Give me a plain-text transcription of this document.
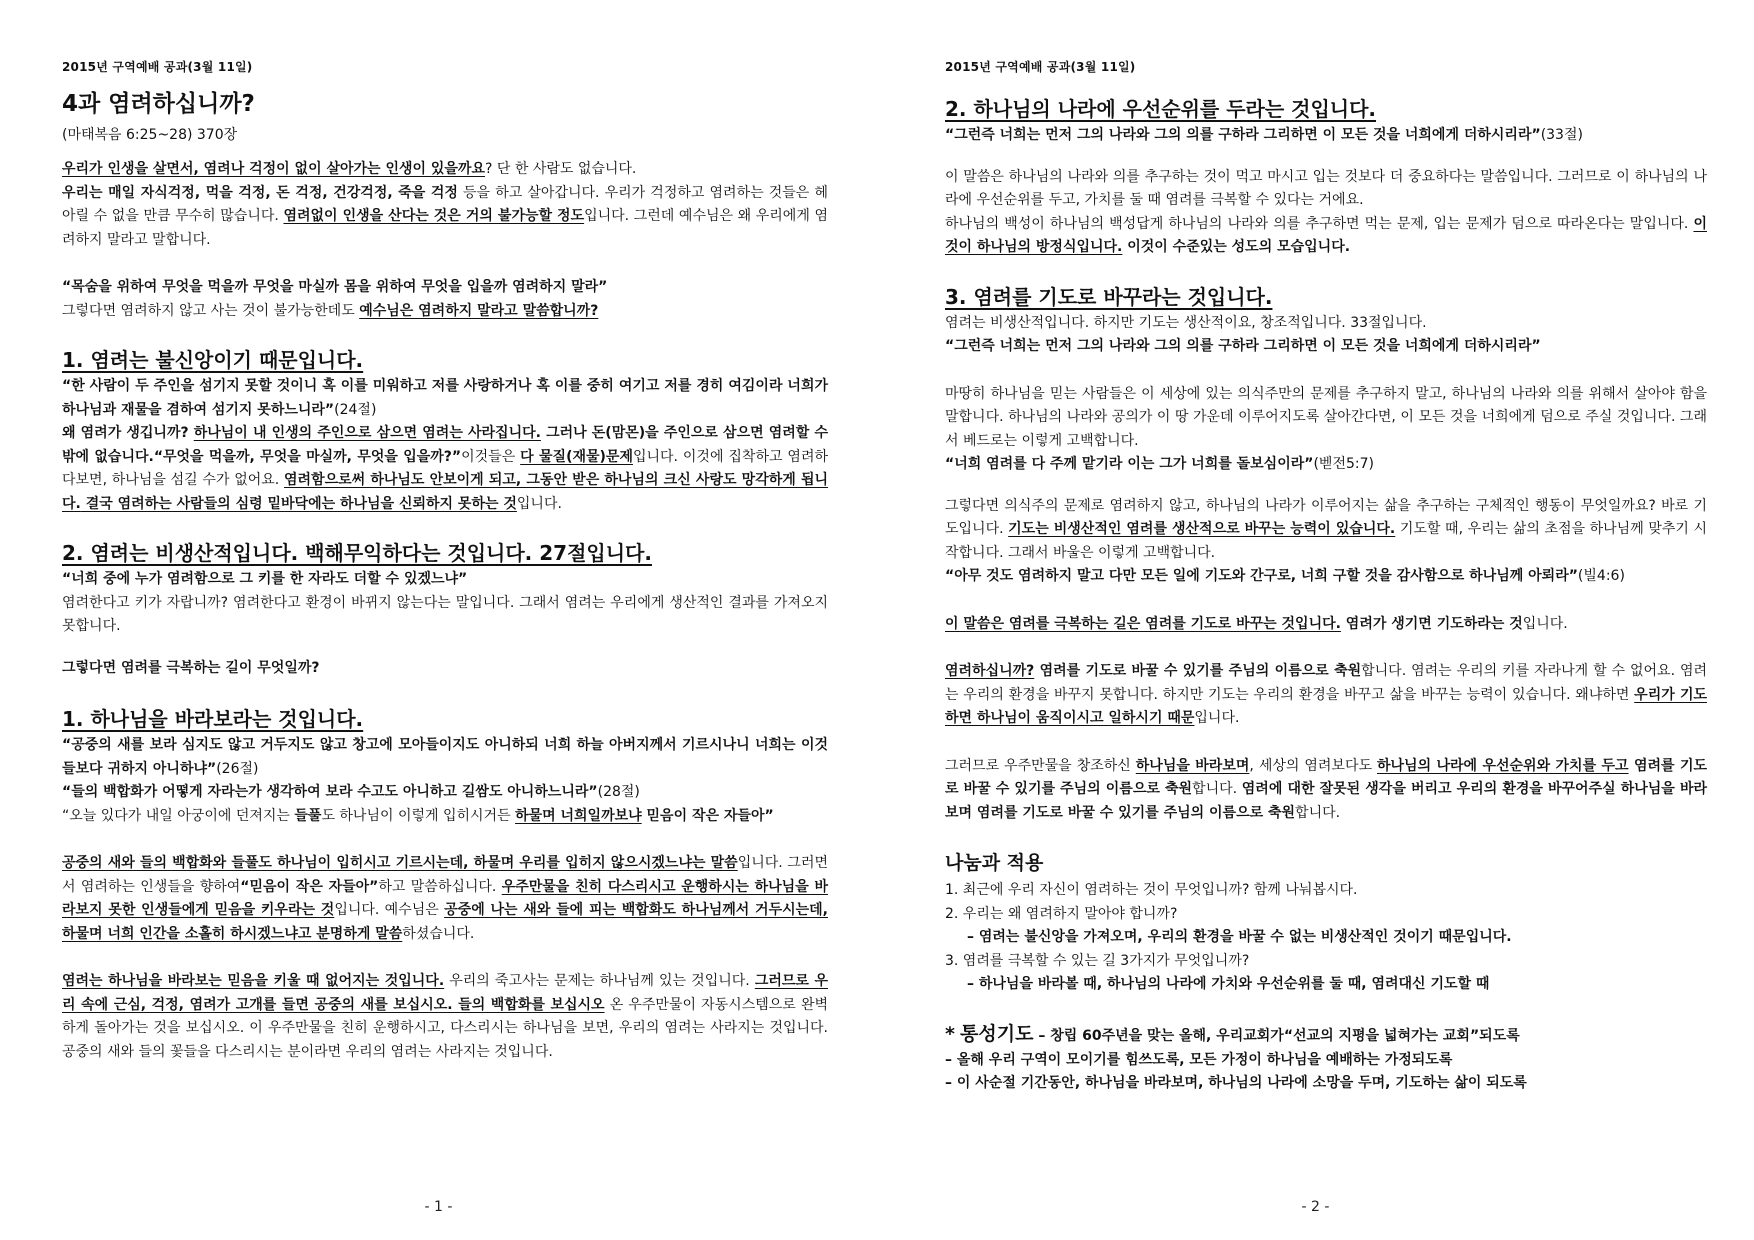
2015년 구역예배 공과(3월 11일)
4과 염려하십니까?
(마태복음 6:25~28) 370장

우리가 인생을 살면서, 염려나 걱정이 없이 살아가는 인생이 있을까요? 단 한 사람도 없습니다.
우리는 매일 자식걱정, 먹을 걱정, 돈 걱정, 건강걱정, 죽을 걱정 등을 하고 살아갑니다. 우리가 걱정하고 염려하는 것들은 헤아릴 수 없을 만큼 무수히 많습니다. 염려없이 인생을 산다는 것은 거의 불가능할 정도입니다. 그런데 예수님은 왜 우리에게 염려하지 말라고 말합니다.

“목숨을 위하여 무엇을 먹을까 무엇을 마실까 몸을 위하여 무엇을 입을까 염려하지 말라”

그렇다면 염려하지 않고 사는 것이 불가능한데도 예수님은 염려하지 말라고 말씀합니까?

1. 염려는 불신앙이기 때문입니다.

“한 사람이 두 주인을 섬기지 못할 것이니 혹 이를 미워하고 저를 사랑하거나 혹 이를 중히 여기고 저를 경히 여김이라 너희가 하나님과 재물을 겸하여 섬기지 못하느니라”(24절)
왜 염려가 생깁니까? 하나님이 내 인생의 주인으로 삼으면 염려는 사라집니다. 그러나 돈(맘몬)을 주인으로 삼으면 염려할 수밖에 없습니다.“무엇을 먹을까, 무엇을 마실까, 무엇을 입을까?”이것들은 다 물질(재물)문제입니다. 이것에 집착하고 염려하다보면, 하나님을 섬길 수가 없어요. 염려함으로써 하나님도 안보이게 되고, 그동안 받은 하나님의 크신 사랑도 망각하게 됩니다. 결국 염려하는 사람들의 심령 밑바닥에는 하나님을 신뢰하지 못하는 것입니다.

2. 염려는 비생산적입니다. 백해무익하다는 것입니다. 27절입니다.

“너희 중에 누가 염려함으로 그 키를 한 자라도 더할 수 있겠느냐”

염려한다고 키가 자랍니까? 염려한다고 환경이 바뀌지 않는다는 말입니다. 그래서 염려는 우리에게 생산적인 결과를 가져오지 못합니다.

그렇다면 염려를 극복하는 길이 무엇일까?

1. 하나님을 바라보라는 것입니다.

“공중의 새를 보라 심지도 않고 거두지도 않고 창고에 모아들이지도 아니하되 너희 하늘 아버지께서 기르시나니 너희는 이것들보다 귀하지 아니하냐”(26절)
“들의 백합화가 어떻게 자라는가 생각하여 보라 수고도 아니하고 길쌈도 아니하느니라”(28절)
“오늘 있다가 내일 아궁이에 던져지는 들풀도 하나님이 이렇게 입히시거든 하물며 너희일까보냐 믿음이 작은 자들아”

공중의 새와 들의 백합화와 들풀도 하나님이 입히시고 기르시는데, 하물며 우리를 입히지 않으시겠느냐는 말씀입니다. 그러면서 염려하는 인생들을 향하여“믿음이 작은 자들아”하고 말씀하십니다. 우주만물을 친히 다스리시고 운행하시는 하나님을 바라보지 못한 인생들에게 믿음을 키우라는 것입니다. 예수님은 공중에 나는 새와 들에 피는 백합화도 하나님께서 거두시는데, 하물며 너희 인간을 소홀히 하시겠느냐고 분명하게 말씀하셨습니다.

염려는 하나님을 바라보는 믿음을 키울 때 없어지는 것입니다. 우리의 죽고사는 문제는 하나님께 있는 것입니다. 그러므로 우리 속에 근심, 걱정, 염려가 고개를 들면 공중의 새를 보십시오. 들의 백합화를 보십시오 온 우주만물이 자동시스템으로 완벽하게 돌아가는 것을 보십시오. 이 우주만물을 친히 운행하시고, 다스리시는 하나님을 보면, 우리의 염려는 사라지는 것입니다. 공중의 새와 들의 꽃들을 다스리시는 분이라면 우리의 염려는 사라지는 것입니다.

- 1 -
2015년 구역예배 공과(3월 11일)
2. 하나님의 나라에 우선순위를 두라는 것입니다.

“그런즉 너희는 먼저 그의 나라와 그의 의를 구하라 그리하면 이 모든 것을 너희에게 더하시리라”(33절)

이 말씀은 하나님의 나라와 의를 추구하는 것이 먹고 마시고 입는 것보다 더 중요하다는 말씀입니다. 그러므로 이 하나님의 나라에 우선순위를 두고, 가치를 둘 때 염려를 극복할 수 있다는 거에요.

하나님의 백성이 하나님의 백성답게 하나님의 나라와 의를 추구하면 먹는 문제, 입는 문제가 덤으로 따라온다는 말입니다. 이것이 하나님의 방정식입니다. 이것이 수준있는 성도의 모습입니다.

3. 염려를 기도로 바꾸라는 것입니다.

염려는 비생산적입니다. 하지만 기도는 생산적이요, 창조적입니다. 33절입니다.

“그런즉 너희는 먼저 그의 나라와 그의 의를 구하라 그리하면 이 모든 것을 너희에게 더하시리라”

마땅히 하나님을 믿는 사람들은 이 세상에 있는 의식주만의 문제를 추구하지 말고, 하나님의 나라와 의를 위해서 살아야 함을 말합니다. 하나님의 나라와 공의가 이 땅 가운데 이루어지도록 살아간다면, 이 모든 것을 너희에게 덤으로 주실 것입니다. 그래서 베드로는 이렇게 고백합니다.

“너희 염려를 다 주께 맡기라 이는 그가 너희를 돌보심이라”(벧전5:7)

그렇다면 의식주의 문제로 염려하지 않고, 하나님의 나라가 이루어지는 삶을 추구하는 구체적인 행동이 무엇일까요? 바로 기도입니다. 기도는 비생산적인 염려를 생산적으로 바꾸는 능력이 있습니다. 기도할 때, 우리는 삶의 초점을 하나님께 맞추기 시작합니다. 그래서 바울은 이렇게 고백합니다.
“아무 것도 염려하지 말고 다만 모든 일에 기도와 간구로, 너희 구할 것을 감사함으로 하나님께 아뢰라”(빌4:6)

이 말씀은 염려를 극복하는 길은 염려를 기도로 바꾸는 것입니다. 염려가 생기면 기도하라는 것입니다.

염려하십니까? 염려를 기도로 바꿀 수 있기를 주님의 이름으로 축원합니다. 염려는 우리의 키를 자라나게 할 수 없어요. 염려는 우리의 환경을 바꾸지 못합니다. 하지만 기도는 우리의 환경을 바꾸고 삶을 바꾸는 능력이 있습니다. 왜냐하면 우리가 기도하면 하나님이 움직이시고 일하시기 때문입니다.

그러므로 우주만물을 창조하신 하나님을 바라보며, 세상의 염려보다도 하나님의 나라에 우선순위와 가치를 두고 염려를 기도로 바꿀 수 있기를 주님의 이름으로 축원합니다. 염려에 대한 잘못된 생각을 버리고 우리의 환경을 바꾸어주실 하나님을 바라보며 염려를 기도로 바꿀 수 있기를 주님의 이름으로 축원합니다.

나눔과 적용
1. 최근에 우리 자신이 염려하는 것이 무엇입니까? 함께 나눠봅시다.
2. 우리는 왜 염려하지 말아야 합니까?
– 염려는 불신앙을 가져오며, 우리의 환경을 바꿀 수 없는 비생산적인 것이기 때문입니다.
3. 염려를 극복할 수 있는 길 3가지가 무엇입니까?
– 하나님을 바라볼 때, 하나님의 나라에 가치와 우선순위를 둘 때, 염려대신 기도할 때
* 통성기도 – 창립 60주년을 맞는 올해, 우리교회가“선교의 지평을 넓혀가는 교회”되도록
– 올해 우리 구역이 모이기를 힘쓰도록, 모든 가정이 하나님을 예배하는 가정되도록
– 이 사순절 기간동안, 하나님을 바라보며, 하나님의 나라에 소망을 두며, 기도하는 삶이 되도록
- 2 -
